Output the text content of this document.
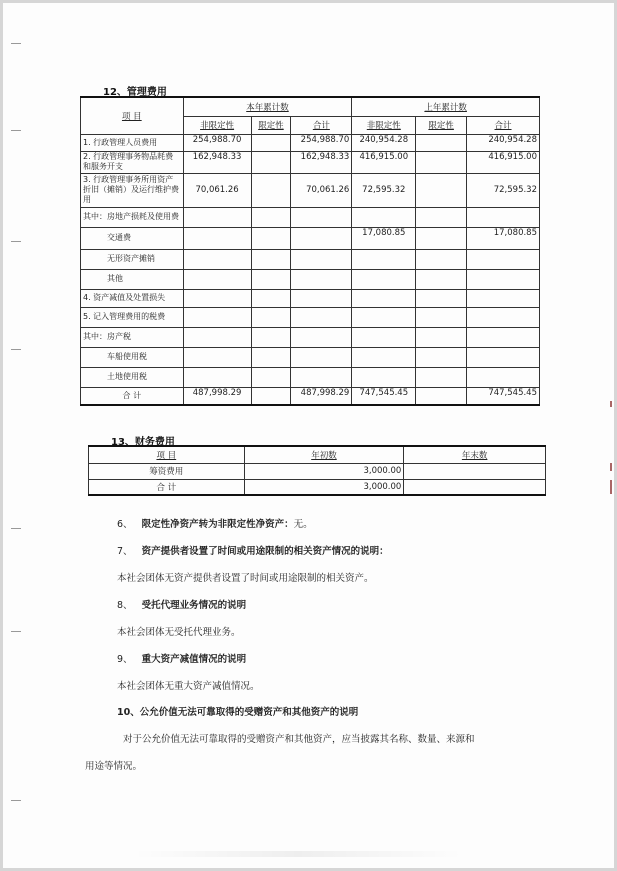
12、管理费用
项 目	本年累计数			上年累计数		
	非限定性	限定性	合计	非限定性	限定性	合计
1. 行政管理人员费用	254,988.70		254,988.70	240,954.28		240,954.28
2. 行政管理事务物品耗费和服务开支	162,948.33		162,948.33	416,915.00		416,915.00
3. 行政管理事务所用资产折旧（摊销）及运行维护费用	70,061.26		70,061.26	72,595.32		72,595.32
其中：房地产损耗及使用费						
交通费				17,080.85		17,080.85
无形资产摊销						
其他						
4. 资产减值及处置损失						
5. 记入管理费用的税费						
其中：房产税						
车船使用税						
土地使用税						
合 计	487,998.29		487,998.29	747,545.45		747,545.45
13、财务费用
项 目	年初数	年末数
筹资费用	3,000.00	
合 计	3,000.00	
6、 限定性净资产转为非限定性净资产：无。
7、 资产提供者设置了时间或用途限制的相关资产情况的说明：
本社会团体无资产提供者设置了时间或用途限制的相关资产。
8、 受托代理业务情况的说明
本社会团体无受托代理业务。
9、 重大资产减值情况的说明
本社会团体无重大资产减值情况。
10、公允价值无法可靠取得的受赠资产和其他资产的说明
对于公允价值无法可靠取得的受赠资产和其他资产，应当披露其名称、数量、来源和
用途等情况。
